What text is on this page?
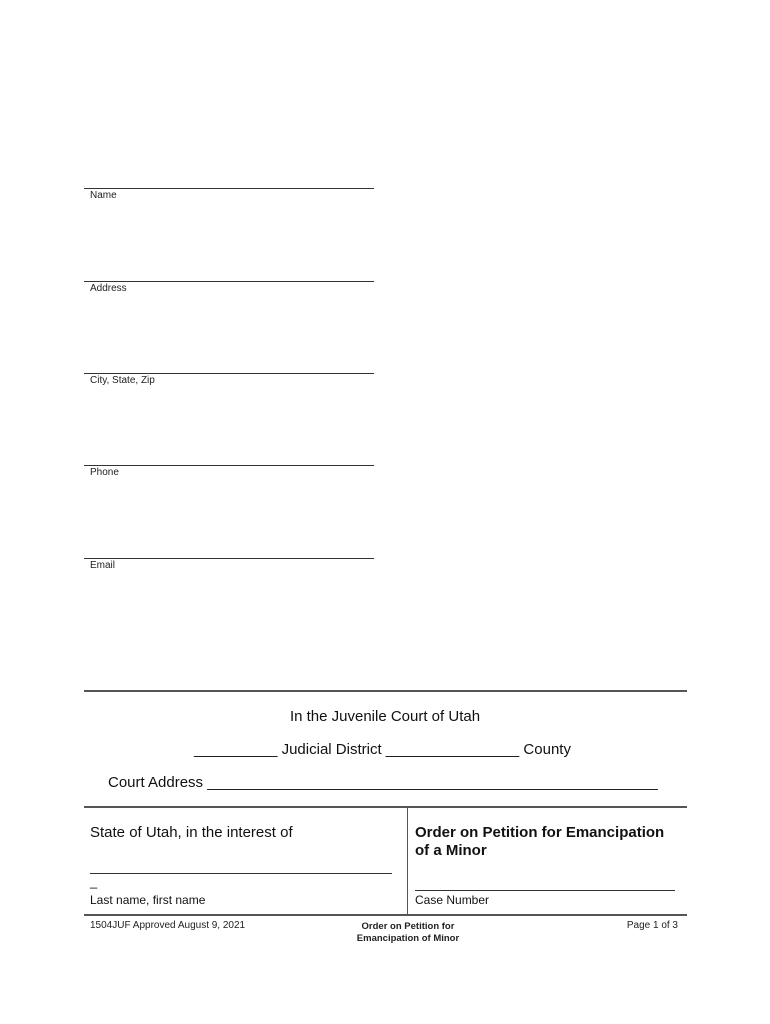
Name
Address
City, State, Zip
Phone
Email
In the Juvenile Court of Utah
__________ Judicial District ________________ County
Court Address ______________________________________________________
State of Utah, in the interest of
_
Last name, first name
Order on Petition for Emancipation of a Minor
Case Number
1504JUF Approved August 9, 2021	Order on Petition for
Emancipation of Minor
Page 1 of 3
